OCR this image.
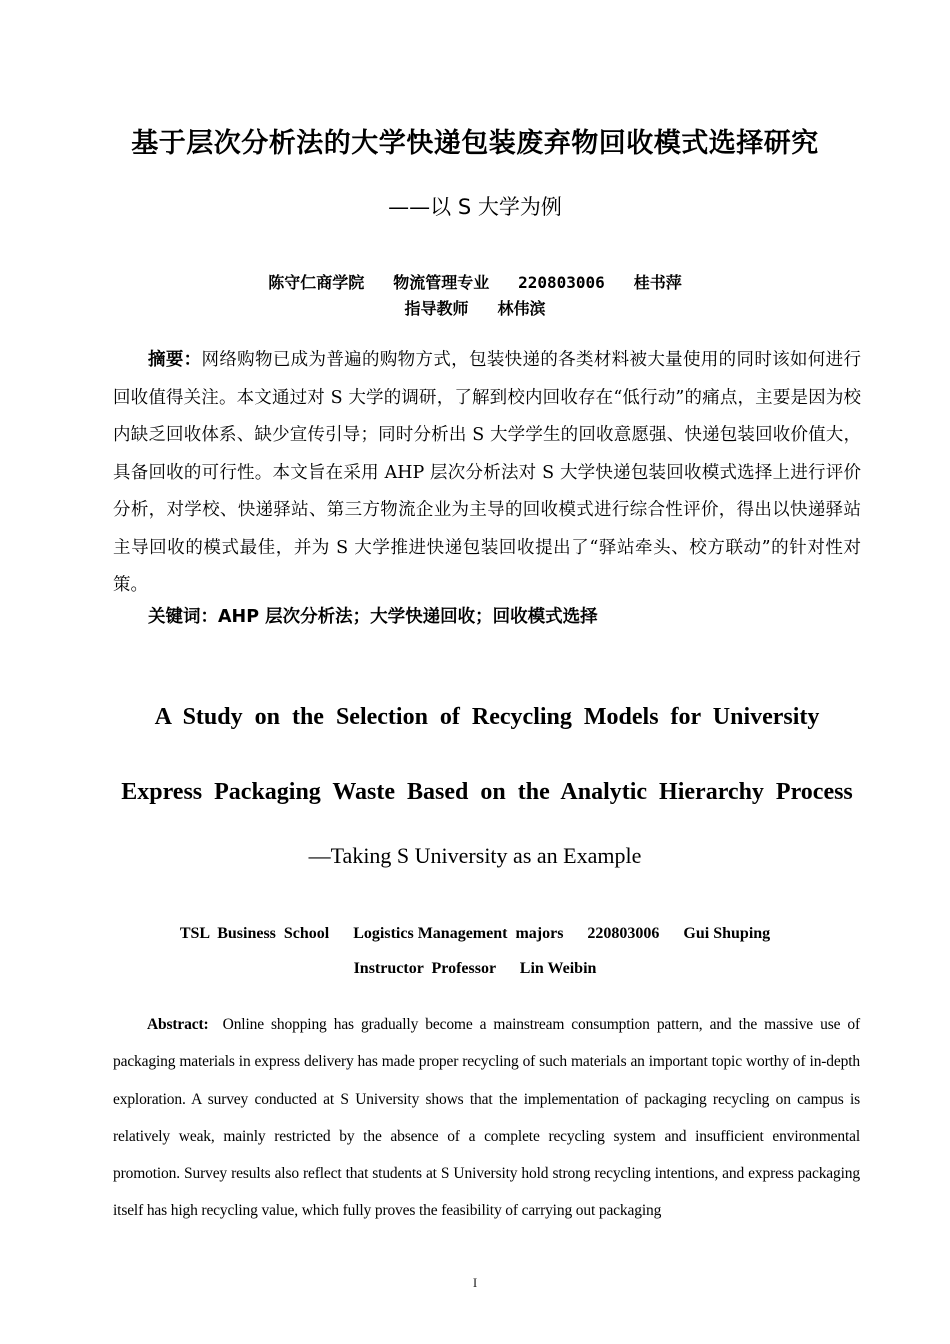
基于层次分析法的大学快递包装废弃物回收模式选择研究
——以 S 大学为例
陈守仁商学院   物流管理专业   220803006   桂书萍
指导教师   林伟滨
摘要：网络购物已成为普遍的购物方式，包装快递的各类材料被大量使用的同时该如何进行回收值得关注。本文通过对 S 大学的调研，了解到校内回收存在“低行动”的痛点，主要是因为校内缺乏回收体系、缺少宣传引导；同时分析出 S 大学学生的回收意愿强、快递包装回收价值大，具备回收的可行性。本文旨在采用 AHP 层次分析法对 S 大学快递包装回收模式选择上进行评价分析，对学校、快递驿站、第三方物流企业为主导的回收模式进行综合性评价，得出以快递驿站主导回收的模式最佳，并为 S 大学推进快递包装回收提出了“驿站牵头、校方联动”的针对性对策。
关键词：AHP 层次分析法；大学快递回收；回收模式选择
A Study on the Selection of Recycling Models for University
Express Packaging Waste Based on the Analytic Hierarchy Process
—Taking S University as an Example
TSL  Business  School      Logistics Management  majors      220803006      Gui Shuping
Instructor  Professor      Lin Weibin
Abstract: Online shopping has gradually become a mainstream consumption pattern, and the massive use of packaging materials in express delivery has made proper recycling of such materials an important topic worthy of in-depth exploration. A survey conducted at S University shows that the implementation of packaging recycling on campus is relatively weak, mainly restricted by the absence of a complete recycling system and insufficient environmental promotion. Survey results also reflect that students at S University hold strong recycling intentions, and express packaging itself has high recycling value, which fully proves the feasibility of carrying out packaging
I
